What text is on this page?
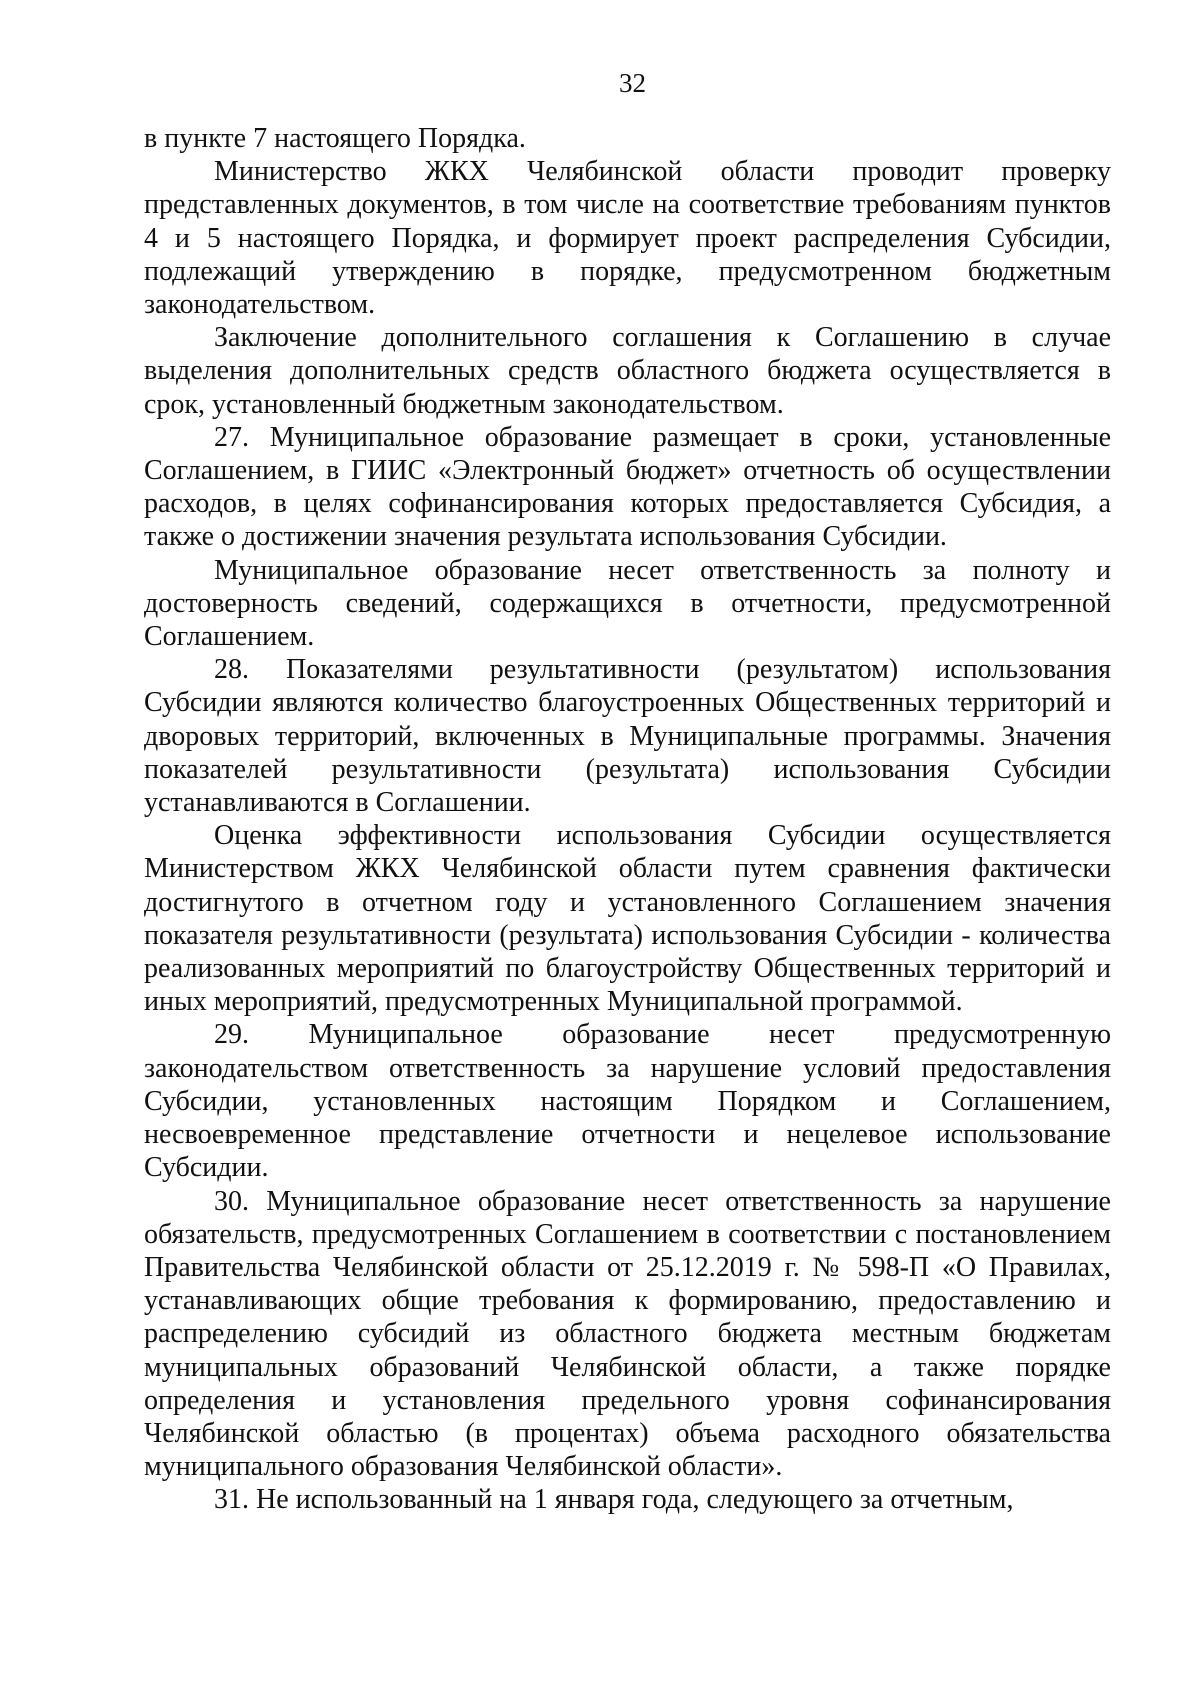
32

в пункте 7 настоящего Порядка.

Министерство ЖКХ Челябинской области проводит проверку представленных документов, в том числе на соответствие требованиям пунктов 4 и 5 настоящего Порядка, и формирует проект распределения Субсидии, подлежащий утверждению в порядке, предусмотренном бюджетным законодательством.

Заключение дополнительного соглашения к Соглашению в случае выделения дополнительных средств областного бюджета осуществляется в срок, установленный бюджетным законодательством.

27. Муниципальное образование размещает в сроки, установленные Соглашением, в ГИИС «Электронный бюджет» отчетность об осуществлении расходов, в целях софинансирования которых предоставляется Субсидия, а также о достижении значения результата использования Субсидии.

Муниципальное образование несет ответственность за полноту и достоверность сведений, содержащихся в отчетности, предусмотренной Соглашением.

28. Показателями результативности (результатом) использования Субсидии являются количество благоустроенных Общественных территорий и дворовых территорий, включенных в Муниципальные программы. Значения показателей результативности (результата) использования Субсидии устанавливаются в Соглашении.

Оценка эффективности использования Субсидии осуществляется Министерством ЖКХ Челябинской области путем сравнения фактически достигнутого в отчетном году и установленного Соглашением значения показателя результативности (результата) использования Субсидии - количества реализованных мероприятий по благоустройству Общественных территорий и иных мероприятий, предусмотренных Муниципальной программой.

29. Муниципальное образование несет предусмотренную законодательством ответственность за нарушение условий предоставления Субсидии, установленных настоящим Порядком и Соглашением, несвоевременное представление отчетности и нецелевое использование Субсидии.

30. Муниципальное образование несет ответственность за нарушение обязательств, предусмотренных Соглашением в соответствии с постановлением Правительства Челябинской области от 25.12.2019 г. № 598-П «О Правилах, устанавливающих общие требования к формированию, предоставлению и распределению субсидий из областного бюджета местным бюджетам муниципальных образований Челябинской области, а также порядке определения и установления предельного уровня софинансирования Челябинской областью (в процентах) объема расходного обязательства муниципального образования Челябинской области».

31. Не использованный на 1 января года, следующего за отчетным,
